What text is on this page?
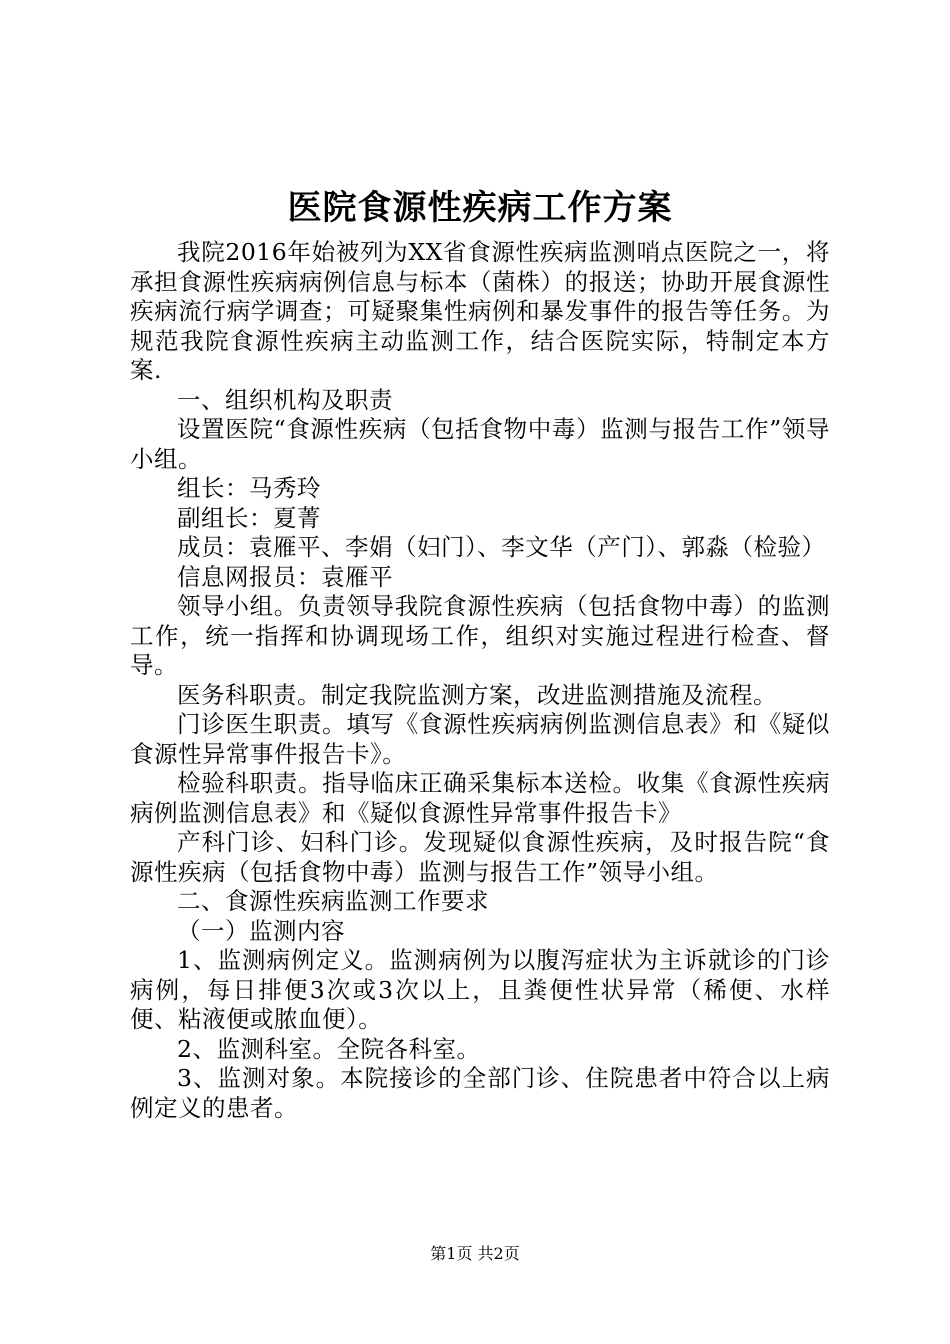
医院食源性疾病工作方案

我院2016年始被列为XX省食源性疾病监测哨点医院之一，将承担食源性疾病病例信息与标本（菌株）的报送；协助开展食源性疾病流行病学调查；可疑聚集性病例和暴发事件的报告等任务。为规范我院食源性疾病主动监测工作，结合医院实际，特制定本方案.

一、组织机构及职责

设置医院“食源性疾病（包括食物中毒）监测与报告工作”领导小组。

组长：马秀玲

副组长：夏菁

成员：袁雁平、李娟（妇门）、李文华（产门）、郭淼（检验）

信息网报员：袁雁平

领导小组。负责领导我院食源性疾病（包括食物中毒）的监测工作，统一指挥和协调现场工作，组织对实施过程进行检查、督导。

医务科职责。制定我院监测方案，改进监测措施及流程。

门诊医生职责。填写《食源性疾病病例监测信息表》和《疑似食源性异常事件报告卡》。

检验科职责。指导临床正确采集标本送检。收集《食源性疾病病例监测信息表》和《疑似食源性异常事件报告卡》

产科门诊、妇科门诊。发现疑似食源性疾病，及时报告院“食源性疾病（包括食物中毒）监测与报告工作”领导小组。

二、食源性疾病监测工作要求

（一）监测内容

1、监测病例定义。监测病例为以腹泻症状为主诉就诊的门诊病例，每日排便3次或3次以上，且粪便性状异常（稀便、水样便、粘液便或脓血便）。

2、监测科室。全院各科室。

3、监测对象。本院接诊的全部门诊、住院患者中符合以上病例定义的患者。

第1页 共2页
